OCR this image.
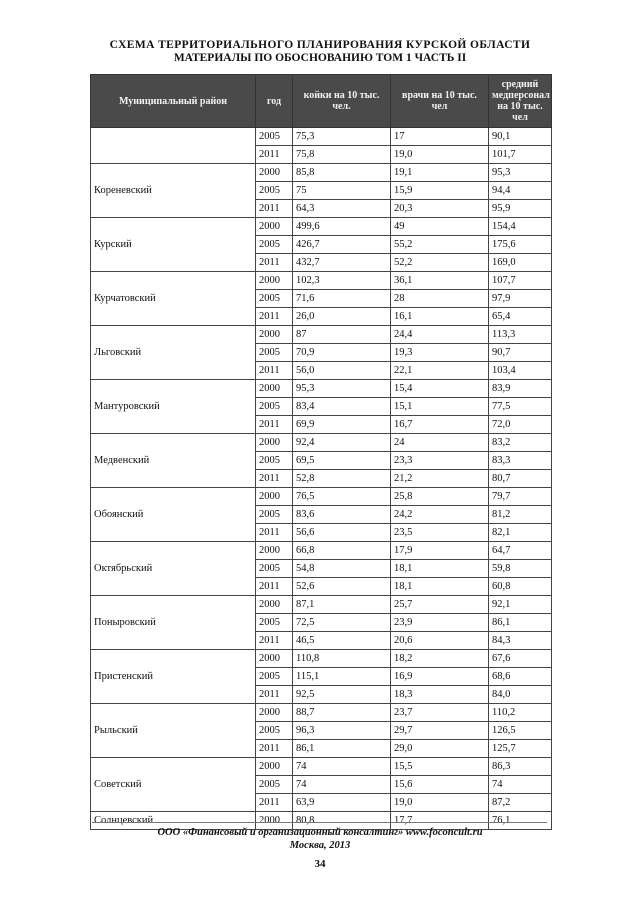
СХЕМА ТЕРРИТОРИАЛЬНОГО ПЛАНИРОВАНИЯ КУРСКОЙ ОБЛАСТИ
МАТЕРИАЛЫ ПО ОБОСНОВАНИЮ ТОМ 1 ЧАСТЬ II
Муниципальный район	год	койки на 10 тыс. чел.	врачи на 10 тыс. чел	средний медперсонал на 10 тыс. чел
	2005	75,3	17	90,1
	2011	75,8	19,0	101,7
Кореневский	2000	85,8	19,1	95,3
	2005	75	15,9	94,4
	2011	64,3	20,3	95,9
Курский	2000	499,6	49	154,4
	2005	426,7	55,2	175,6
	2011	432,7	52,2	169,0
Курчатовский	2000	102,3	36,1	107,7
	2005	71,6	28	97,9
	2011	26,0	16,1	65,4
Льговский	2000	87	24,4	113,3
	2005	70,9	19,3	90,7
	2011	56,0	22,1	103,4
Мантуровский	2000	95,3	15,4	83,9
	2005	83,4	15,1	77,5
	2011	69,9	16,7	72,0
Медвенский	2000	92,4	24	83,2
	2005	69,5	23,3	83,3
	2011	52,8	21,2	80,7
Обоянский	2000	76,5	25,8	79,7
	2005	83,6	24,2	81,2
	2011	56,6	23,5	82,1
Октябрьский	2000	66,8	17,9	64,7
	2005	54,8	18,1	59,8
	2011	52,6	18,1	60,8
Поныровский	2000	87,1	25,7	92,1
	2005	72,5	23,9	86,1
	2011	46,5	20,6	84,3
Пристенский	2000	110,8	18,2	67,6
	2005	115,1	16,9	68,6
	2011	92,5	18,3	84,0
Рыльский	2000	88,7	23,7	110,2
	2005	96,3	29,7	126,5
	2011	86,1	29,0	125,7
Советский	2000	74	15,5	86,3
	2005	74	15,6	74
	2011	63,9	19,0	87,2
Солнцевский	2000	80,8	17,7	76,1
ООО «Финансовый и организационный консалтинг» www.foconcult.ru
Москва, 2013
34
